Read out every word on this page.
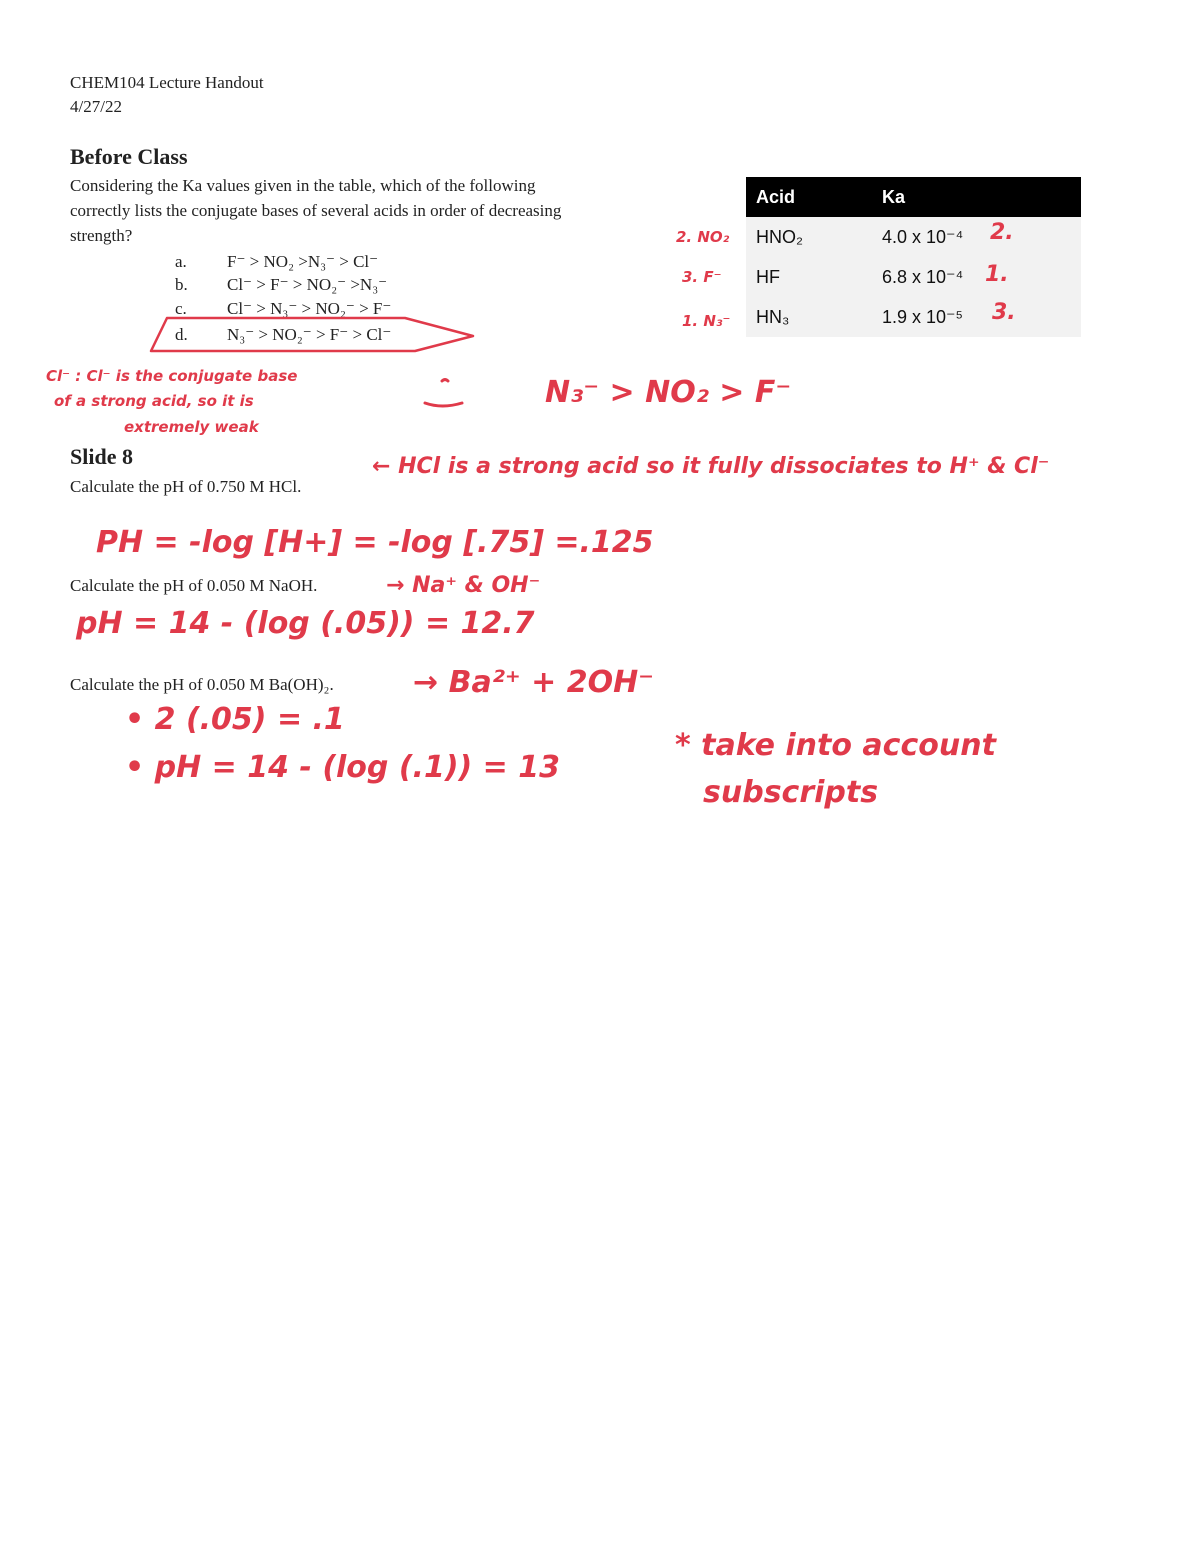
CHEM104 Lecture Handout
4/27/22
Before Class
Considering the Ka values given in the table, which of the following
correctly lists the conjugate bases of several acids in order of decreasing
strength?
a. F⁻ > NO₂ >N₃⁻ > Cl⁻
b. Cl⁻ > F⁻ > NO₂⁻ >N₃⁻
c. Cl⁻ > N₃⁻ > NO₂⁻ > F⁻
d. N₃⁻ > NO₂⁻ > F⁻ > Cl⁻
Acid	Ka
HNO₂	4.0 x 10⁻⁴
HF	6.8 x 10⁻⁴
HN₃	1.9 x 10⁻⁵
2. NO₂
3. F⁻
1. N₃⁻
2.
1.
3.
Cl⁻ : Cl⁻ is the conjugate base
of a strong acid, so it is
extremely weak
N₃⁻ > NO₂ > F⁻
Slide 8
Calculate the pH of 0.750 M HCl.
← HCl is a strong acid so it fully dissociates to H⁺ & Cl⁻
PH = -log [H+] = -log [.75] =.125
Calculate the pH of 0.050 M NaOH.	→ Na⁺ & OH⁻
pH = 14 - (log (.05)) = 12.7
Calculate the pH of 0.050 M Ba(OH)₂.	→ Ba²⁺ + 2OH⁻
• 2 (.05) = .1
• pH = 14 - (log (.1)) = 13
* take into account
subscripts
